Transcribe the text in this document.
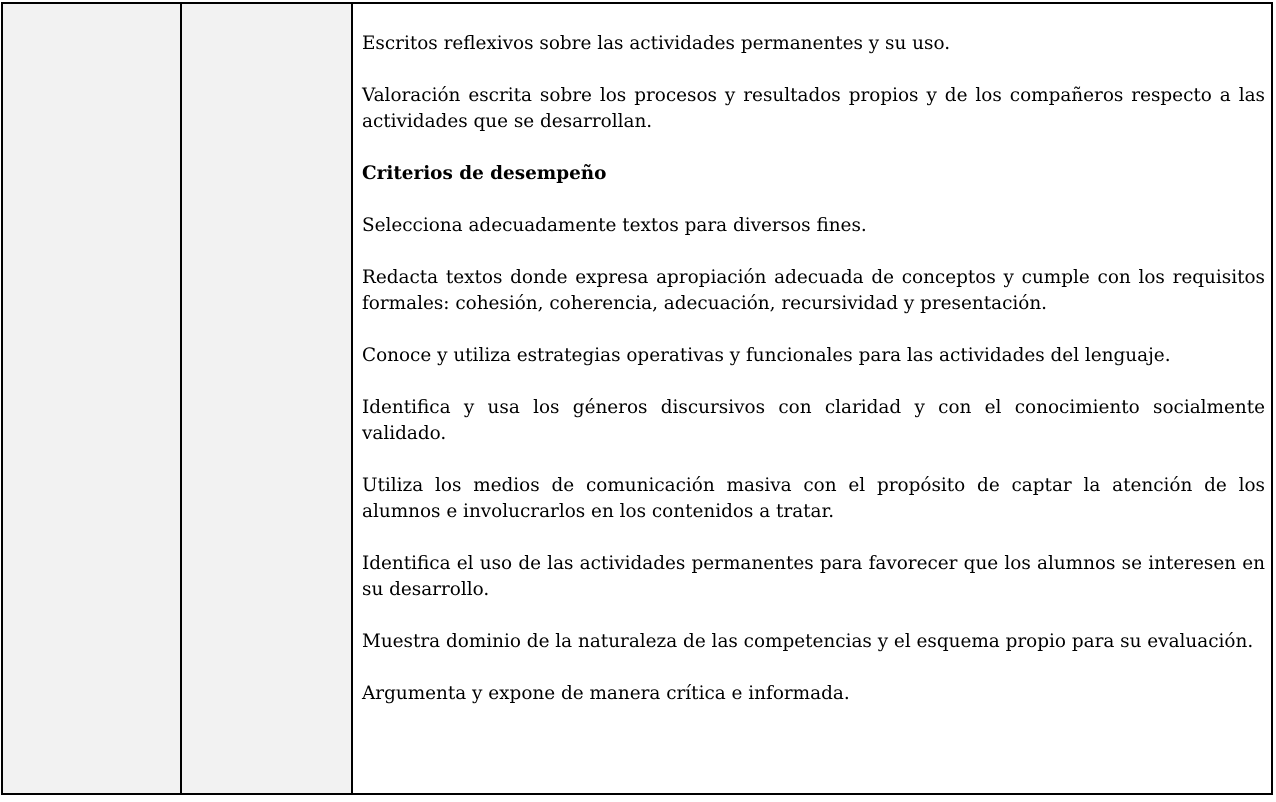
Escritos reflexivos sobre las actividades permanentes y su uso.

Valoración escrita sobre los procesos y resultados propios y de los compañeros respecto a las actividades que se desarrollan.

Criterios de desempeño

Selecciona adecuadamente textos para diversos fines.

Redacta textos donde expresa apropiación adecuada de conceptos y cumple con los requisitos formales: cohesión, coherencia, adecuación, recursividad y presentación.

Conoce y utiliza estrategias operativas y funcionales para las actividades del lenguaje.

Identifica y usa los géneros discursivos con claridad y con el conocimiento socialmente validado.

Utiliza los medios de comunicación masiva con el propósito de captar la atención de los alumnos e involucrarlos en los contenidos a tratar.

Identifica el uso de las actividades permanentes para favorecer que los alumnos se interesen en su desarrollo.

Muestra dominio de la naturaleza de las competencias y el esquema propio para su evaluación.

Argumenta y expone de manera crítica e informada.
